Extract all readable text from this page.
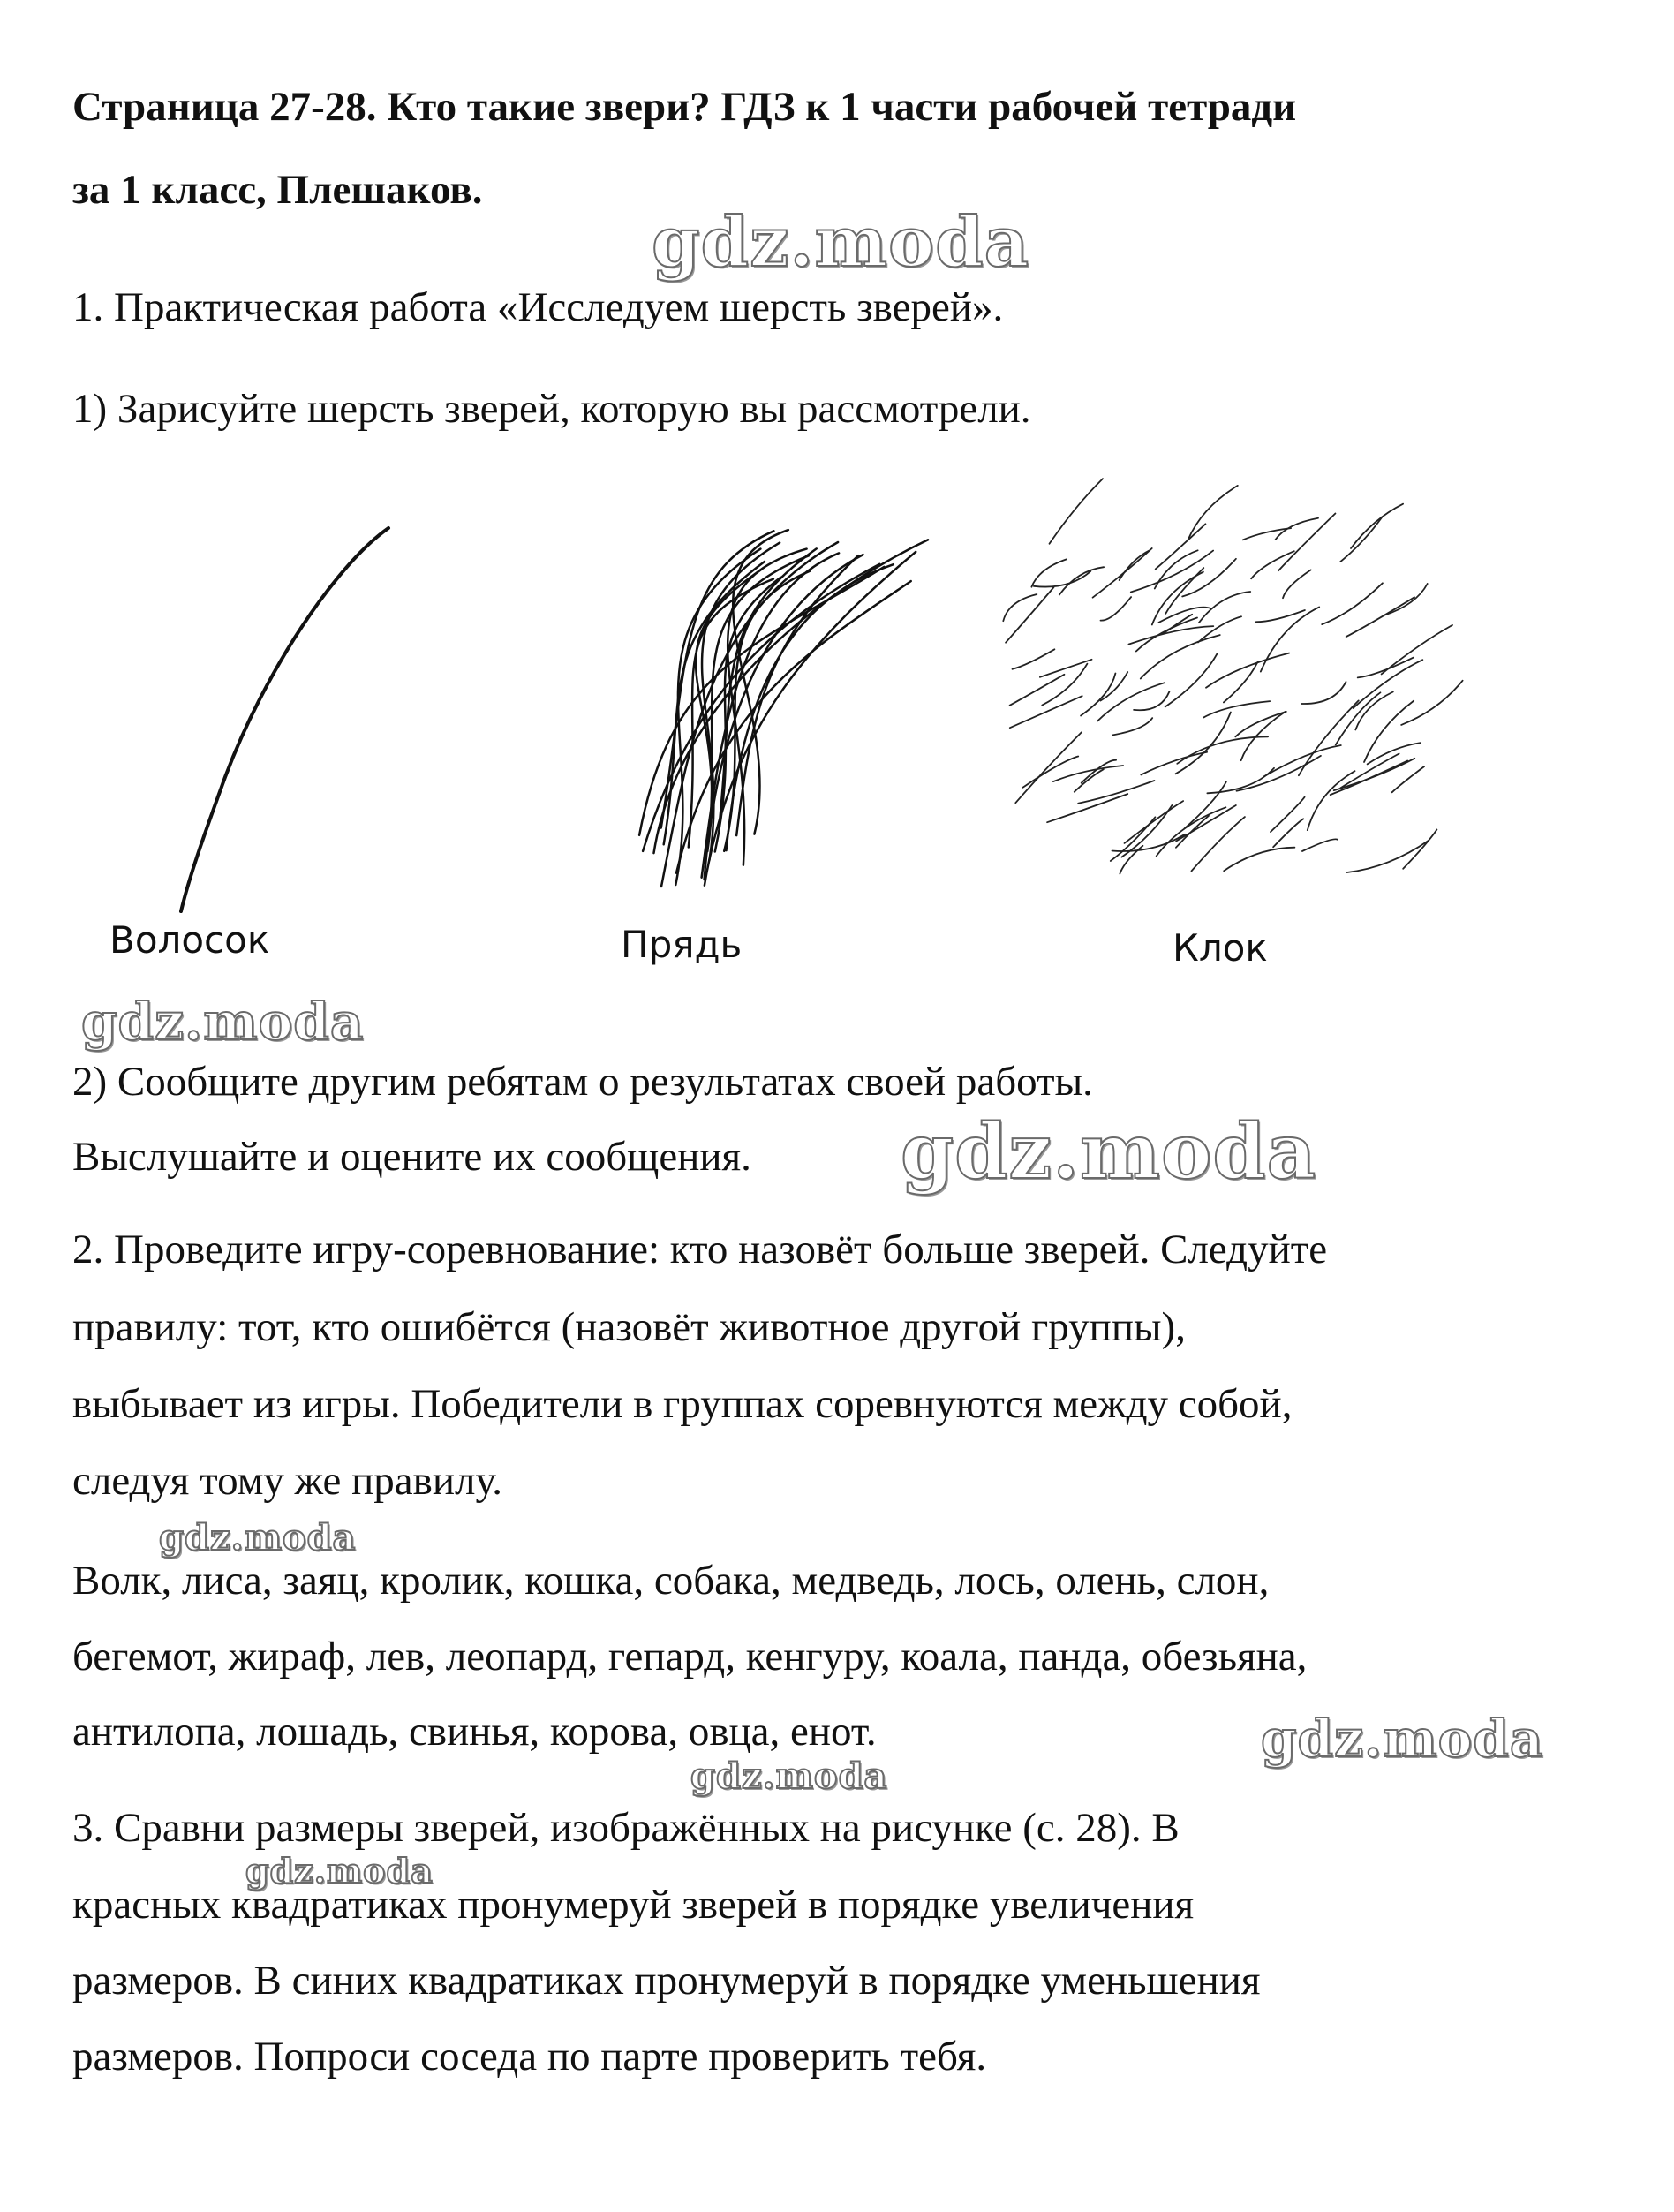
Страница 27-28. Кто такие звери? ГДЗ к 1 части рабочей тетради
за 1 класс, Плешаков.
1. Практическая работа «Исследуем шерсть зверей».
1) Зарисуйте шерсть зверей, которую вы рассмотрели.
Волосок	Прядь	Клок
2) Сообщите другим ребятам о результатах своей работы.
Выслушайте и оцените их сообщения.
2. Проведите игру-соревнование: кто назовёт больше зверей. Следуйте
правилу: тот, кто ошибётся (назовёт животное другой группы),
выбывает из игры. Победители в группах соревнуются между собой,
следуя тому же правилу.
Волк, лиса, заяц, кролик, кошка, собака, медведь, лось, олень, слон,
бегемот, жираф, лев, леопард, гепард, кенгуру, коала, панда, обезьяна,
антилопа, лошадь, свинья, корова, овца, енот.
3. Сравни размеры зверей, изображённых на рисунке (с. 28). В
красных квадратиках пронумеруй зверей в порядке увеличения
размеров. В синих квадратиках пронумеруй в порядке уменьшения
размеров. Попроси соседа по парте проверить тебя.
gdz.moda
gdz.moda
gdz.moda
gdz.moda
gdz.moda
gdz.moda
gdz.moda
